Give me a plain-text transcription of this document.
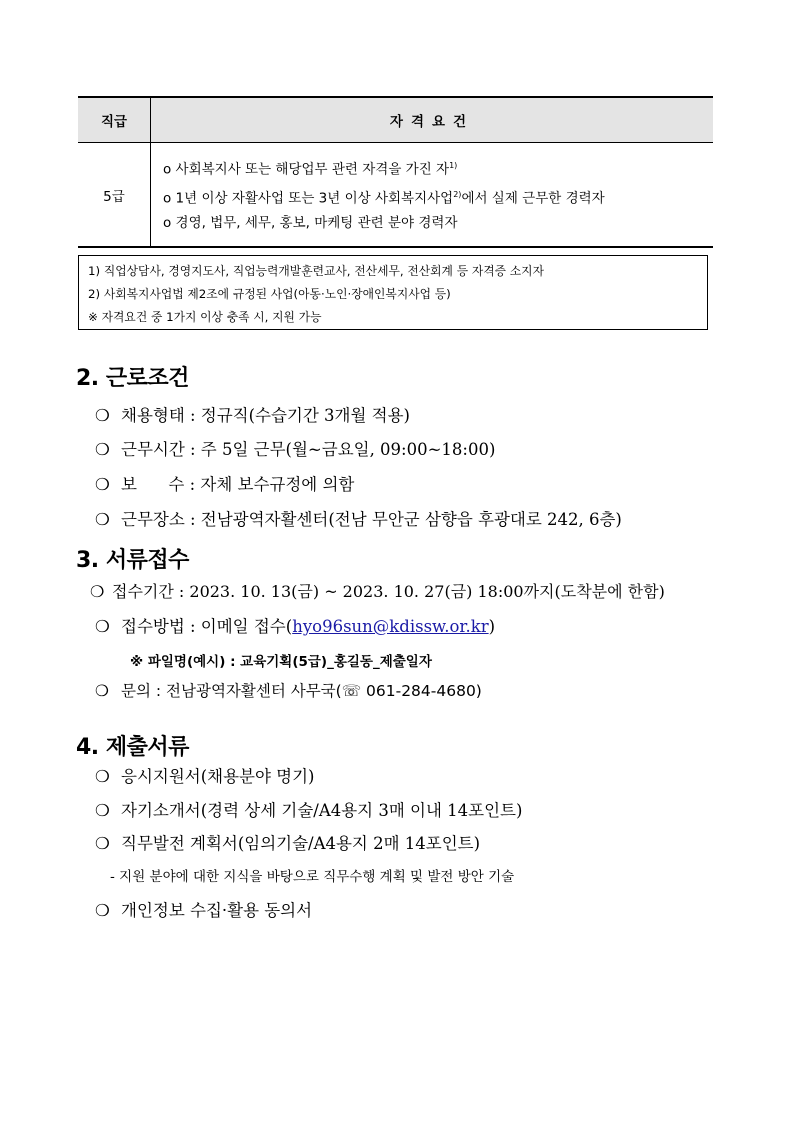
직급	자격요건
5급	o 사회복지사 또는 해당업무 관련 자격을 가진 자$^{1)}$
o 1년 이상 자활사업 또는 3년 이상 사회복지사업$^{2)}$에서 실제 근무한 경력자
o 경영, 법무, 세무, 홍보, 마케팅 관련 분야 경력자
1) 직업상담사, 경영지도사, 직업능력개발훈련교사, 전산세무, 전산회계 등 자격증 소지자
2) 사회복지사업법 제2조에 규정된 사업(아동·노인·장애인복지사업 등)
※ 자격요건 중 1가지 이상 충족 시, 지원 가능
2. 근로조건
❍ 채용형태 : 정규직(수습기간 3개월 적용)
❍ 근무시간 : 주 5일 근무(월~금요일, 09:00~18:00)
❍ 보      수 : 자체 보수규정에 의함
❍ 근무장소 : 전남광역자활센터(전남 무안군 삼향읍 후광대로 242, 6층)
3. 서류접수
❍ 접수기간 : 2023. 10. 13(금) ~ 2023. 10. 27(금) 18:00까지(도착분에 한함)
❍ 접수방법 : 이메일 접수(hyo96sun@kdissw.or.kr)
※ 파일명(예시) : 교육기획(5급)_홍길동_제출일자
❍ 문의 : 전남광역자활센터 사무국(☏ 061-284-4680)
4. 제출서류
❍ 응시지원서(채용분야 명기)
❍ 자기소개서(경력 상세 기술/A4용지 3매 이내 14포인트)
❍ 직무발전 계획서(임의기술/A4용지 2매 14포인트)
- 지원 분야에 대한 지식을 바탕으로 직무수행 계획 및 발전 방안 기술
❍ 개인정보 수집·활용 동의서
